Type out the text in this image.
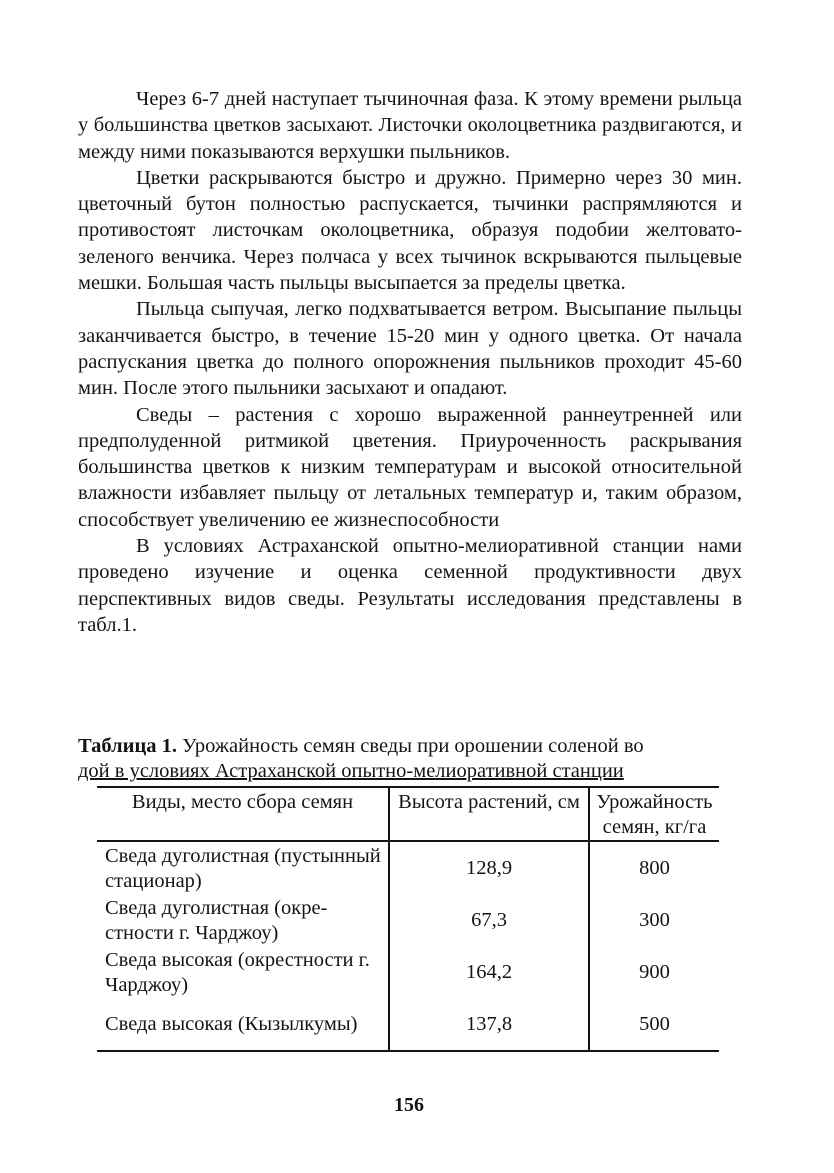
Через 6-7 дней наступает тычиночная фаза. К этому времени рыльца у большинства цветков засыхают. Листочки околоцветника раздвигаются, и между ними показываются верхушки пыльников.

Цветки раскрываются быстро и дружно. Примерно через 30 мин. цветочный бутон полностью распускается, тычинки распрямляются и противостоят листочкам околоцветника, образуя подобии желтовато-зеленого венчика. Через полчаса у всех тычинок вскрываются пыльцевые мешки. Большая часть пыльцы высыпается за пределы цветка.

Пыльца сыпучая, легко подхватывается ветром. Высыпание пыльцы заканчивается быстро, в течение 15-20 мин у одного цветка. От начала распускания цветка до полного опорожнения пыльников проходит 45-60 мин. После этого пыльники засыхают и опадают.

Сведы – растения с хорошо выраженной раннеутренней или предполуденной ритмикой цветения. Приуроченность раскрывания большинства цветков к низким температурам и высокой относительной влажности избавляет пыльцу от летальных температур и, таким образом, способствует увеличению ее жизнеспособности

В условиях Астраханской опытно-мелиоративной станции нами проведено изучение и оценка семенной продуктивности двух перспективных видов сведы. Результаты исследования представлены в табл.1.

Таблица 1. Урожайность семян сведы при орошении соленой во
дой в условиях Астраханской опытно-мелиоративной станции
Виды, место сбора семян	Высота растений, см	Урожайность семян, кг/га
Сведа дуголистная (пустынный стационар)	128,9	800
Сведа дуголистная (окрестности г. Чарджоу)	67,3	300
Сведа высокая (окрестности г. Чарджоу)	164,2	900
Сведа высокая (Кызылкумы)	137,8	500
156
